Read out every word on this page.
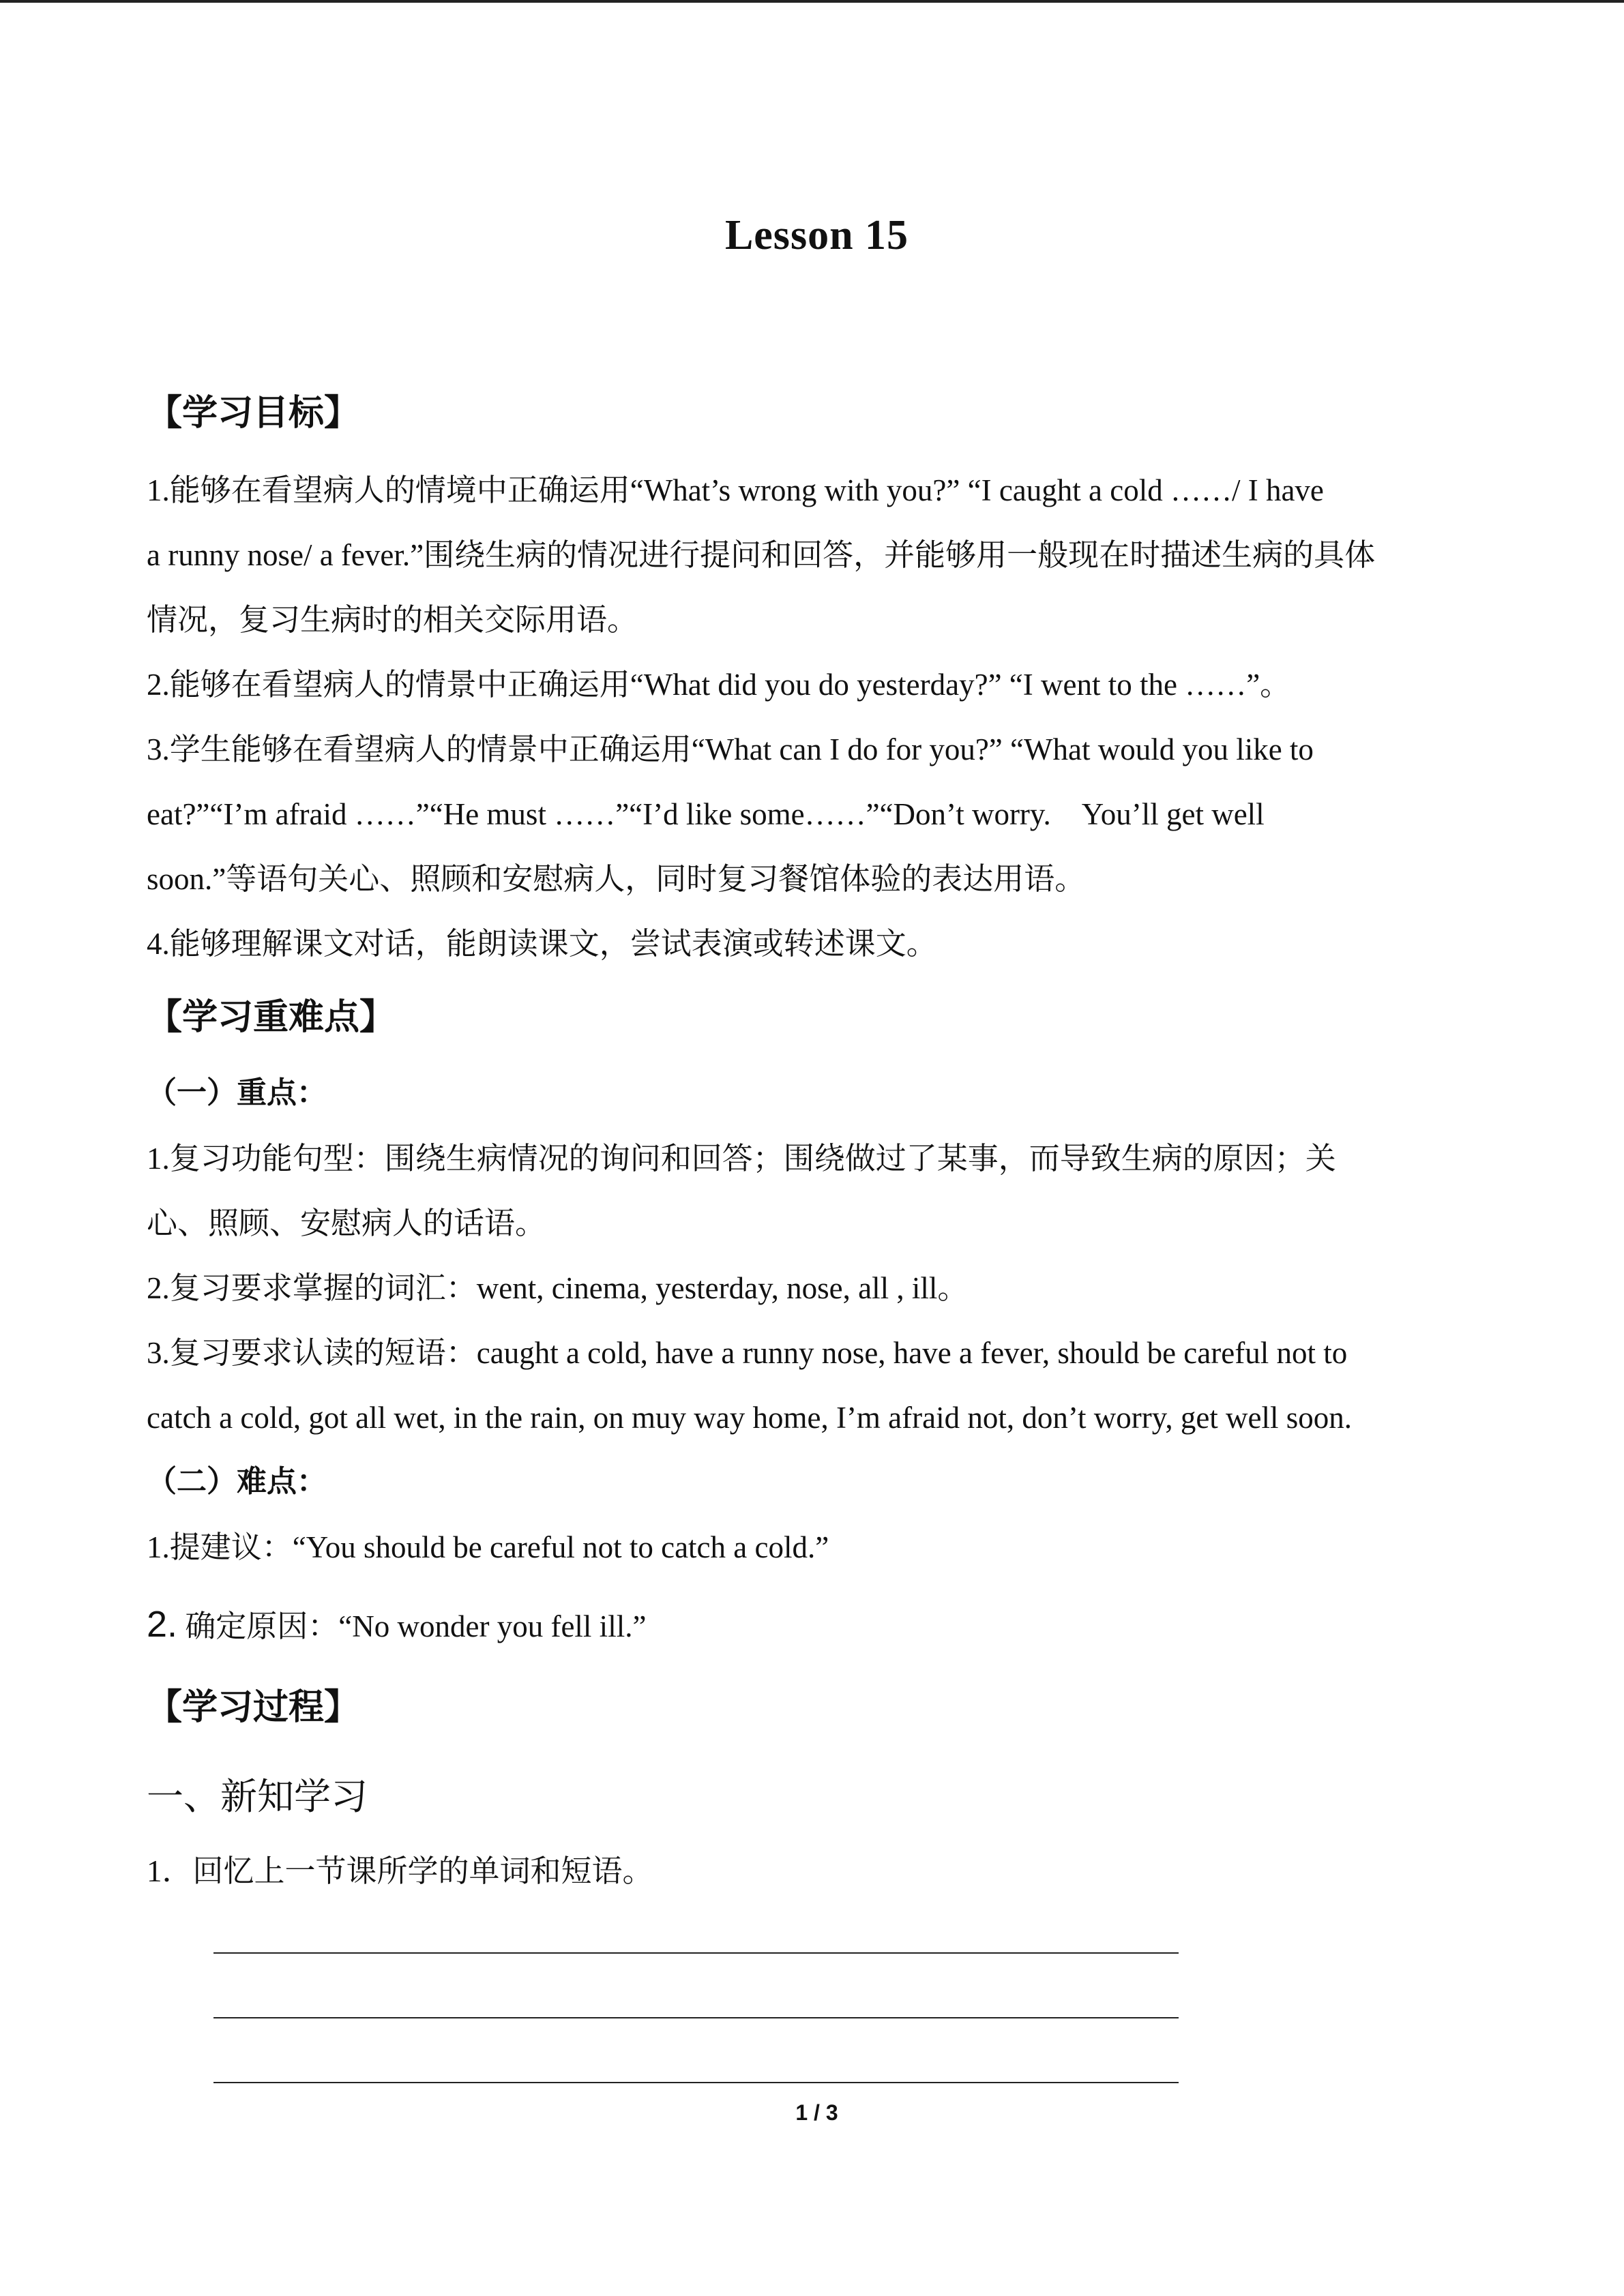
Lesson 15
【学习目标】
1.能够在看望病人的情境中正确运用“What’s wrong with you?” “I caught a cold ……/ I have
a runny nose/ a fever.”围绕生病的情况进行提问和回答，并能够用一般现在时描述生病的具体
情况，复习生病时的相关交际用语。
2.能够在看望病人的情景中正确运用“What did you do yesterday?” “I went to the ……”。
3.学生能够在看望病人的情景中正确运用“What can I do for you?” “What would you like to
eat?”“I’m afraid ……”“He must ……”“I’d like some……”“Don’t worry.　You’ll get well
soon.”等语句关心、照顾和安慰病人，同时复习餐馆体验的表达用语。
4.能够理解课文对话，能朗读课文，尝试表演或转述课文。
【学习重难点】
（一）重点：
1.复习功能句型：围绕生病情况的询问和回答；围绕做过了某事，而导致生病的原因；关
心、照顾、安慰病人的话语。
2.复习要求掌握的词汇：went, cinema, yesterday, nose, all , ill。
3.复习要求认读的短语：caught a cold, have a runny nose, have a fever, should be careful not to
catch a cold, got all wet, in the rain, on muy way home, I’m afraid not, don’t worry, get well soon.
（二）难点：
1.提建议：“You should be careful not to catch a cold.”
2. 确定原因：“No wonder you fell ill.”
【学习过程】
一、新知学习
1．回忆上一节课所学的单词和短语。
1 / 3
